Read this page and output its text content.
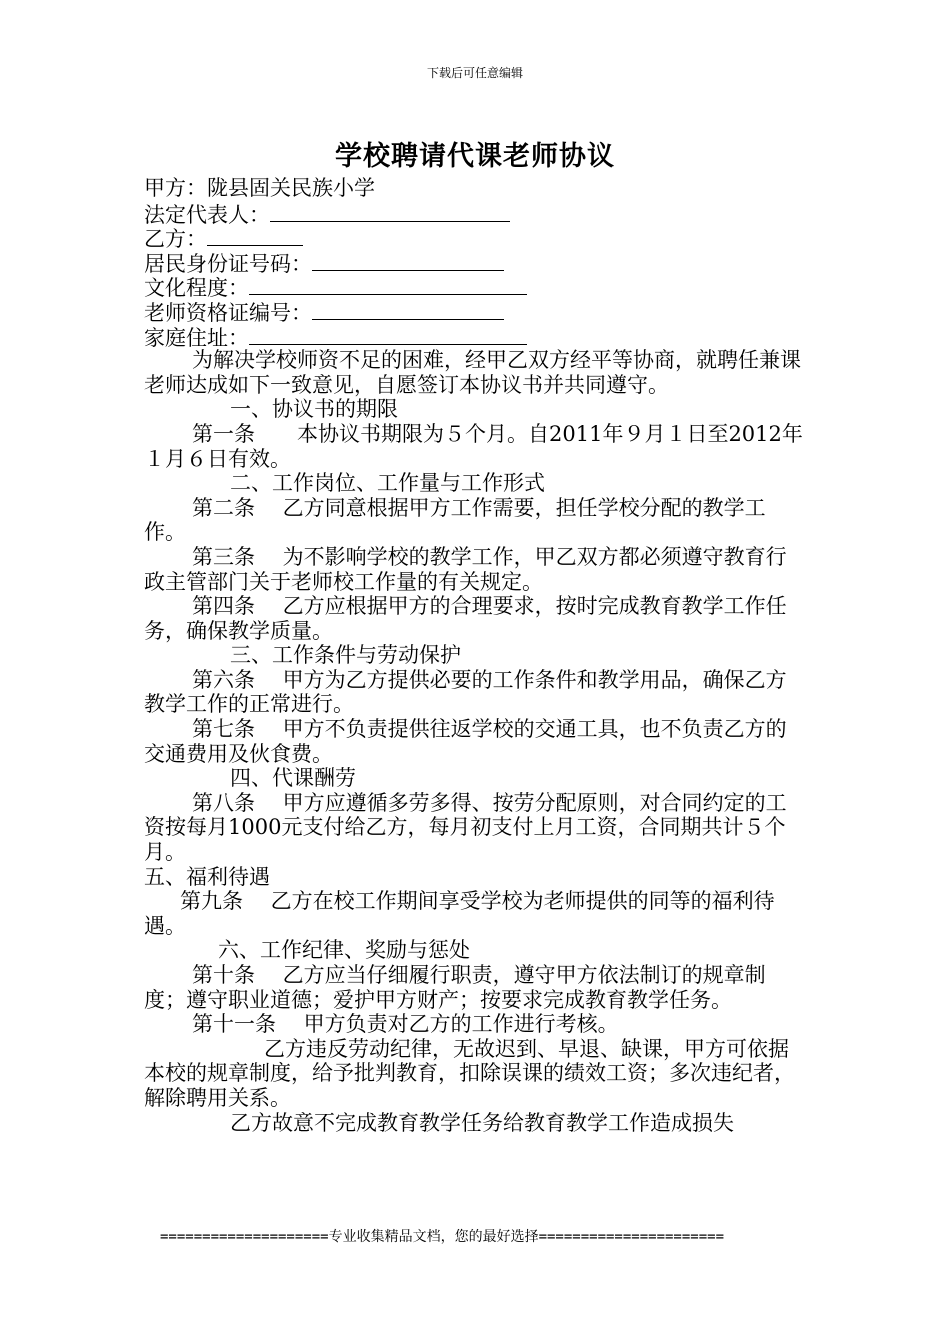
下载后可任意编辑
学校聘请代课老师协议
甲方：陇县固关民族小学
法定代表人：
乙方：
居民身份证号码：
文化程度：
老师资格证编号：
家庭住址：
为解决学校师资不足的困难，经甲乙双方经平等协商，就聘任兼课老师达成如下一致意见，自愿签订本协议书并共同遵守。
一、协议书的期限
第一条　　本协议书期限为５个月。自2011年９月１日至2012年１月６日有效。
二、工作岗位、工作量与工作形式
第二条　 乙方同意根据甲方工作需要，担任学校分配的教学工作。
第三条　 为不影响学校的教学工作，甲乙双方都必须遵守教育行政主管部门关于老师校工作量的有关规定。
第四条　 乙方应根据甲方的合理要求，按时完成教育教学工作任务，确保教学质量。
三、工作条件与劳动保护
第六条　 甲方为乙方提供必要的工作条件和教学用品，确保乙方教学工作的正常进行。
第七条　 甲方不负责提供往返学校的交通工具，也不负责乙方的交通费用及伙食费。
四、代课酬劳
第八条　 甲方应遵循多劳多得、按劳分配原则，对合同约定的工资按每月1000元支付给乙方，每月初支付上月工资，合同期共计５个月。
五、福利待遇
第九条　 乙方在校工作期间享受学校为老师提供的同等的福利待遇。
六、工作纪律、奖励与惩处
第十条　 乙方应当仔细履行职责，遵守甲方依法制订的规章制度；遵守职业道德；爱护甲方财产；按要求完成教育教学任务。
第十一条　 甲方负责对乙方的工作进行考核。
乙方违反劳动纪律，无故迟到、早退、缺课，甲方可依据本校的规章制度，给予批判教育，扣除误课的绩效工资；多次违纪者，解除聘用关系。
乙方故意不完成教育教学任务给教育教学工作造成损失
====================专业收集精品文档，您的最好选择======================
